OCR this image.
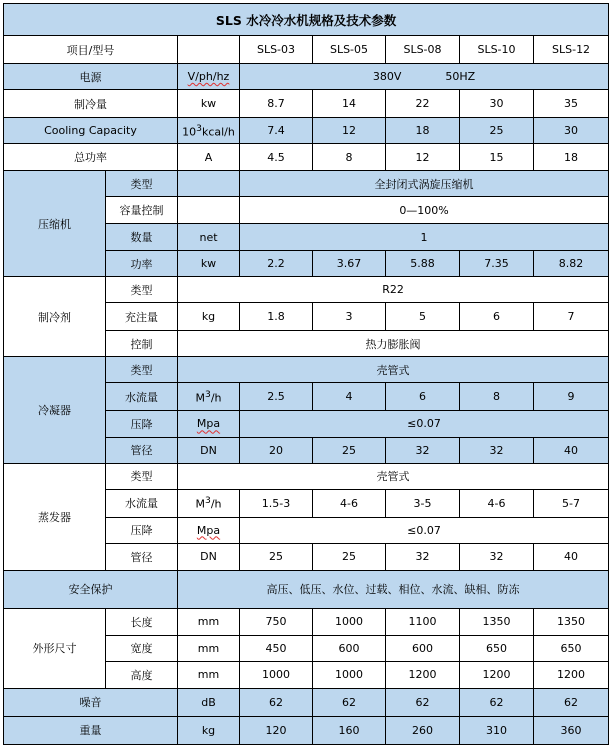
SLS 水冷冷水机规格及技术参数							
项目/型号			SLS-03	SLS-05	SLS-08	SLS-10	SLS-12
电源		V/ph/hz	380V 50HZ				
制冷量		kw	8.7	14	22	30	35
Cooling Capacity		$10^3kcal/h$	7.4	12	18	25	30
总功率		A	4.5	8	12	15	18
压缩机	类型		全封闭式涡旋压缩机				
	容量控制		0—100%				
	数量	net	1				
	功率	kw	2.2	3.67	5.88	7.35	8.82
制冷剂	类型	R22					
	充注量	kg	1.8	3	5	6	7
	控制	热力膨胀阀					
冷凝器	类型	壳管式					
	水流量	$M^3/h$	2.5	4	6	8	9
	压降	Mpa	≤0.07				
	管径	DN	20	25	32	32	40
蒸发器	类型	壳管式					
	水流量	$M^3/h$	1.5-3	4-6	3-5	4-6	5-7
	压降	Mpa	≤0.07				
	管径	DN	25	25	32	32	40
安全保护		高压、低压、水位、过载、相位、水流、缺相、防冻					
外形尺寸	长度	mm	750	1000	1100	1350	1350
	宽度	mm	450	600	600	650	650
	高度	mm	1000	1000	1200	1200	1200
噪音		dB	62	62	62	62	62
重量		kg	120	160	260	310	360
